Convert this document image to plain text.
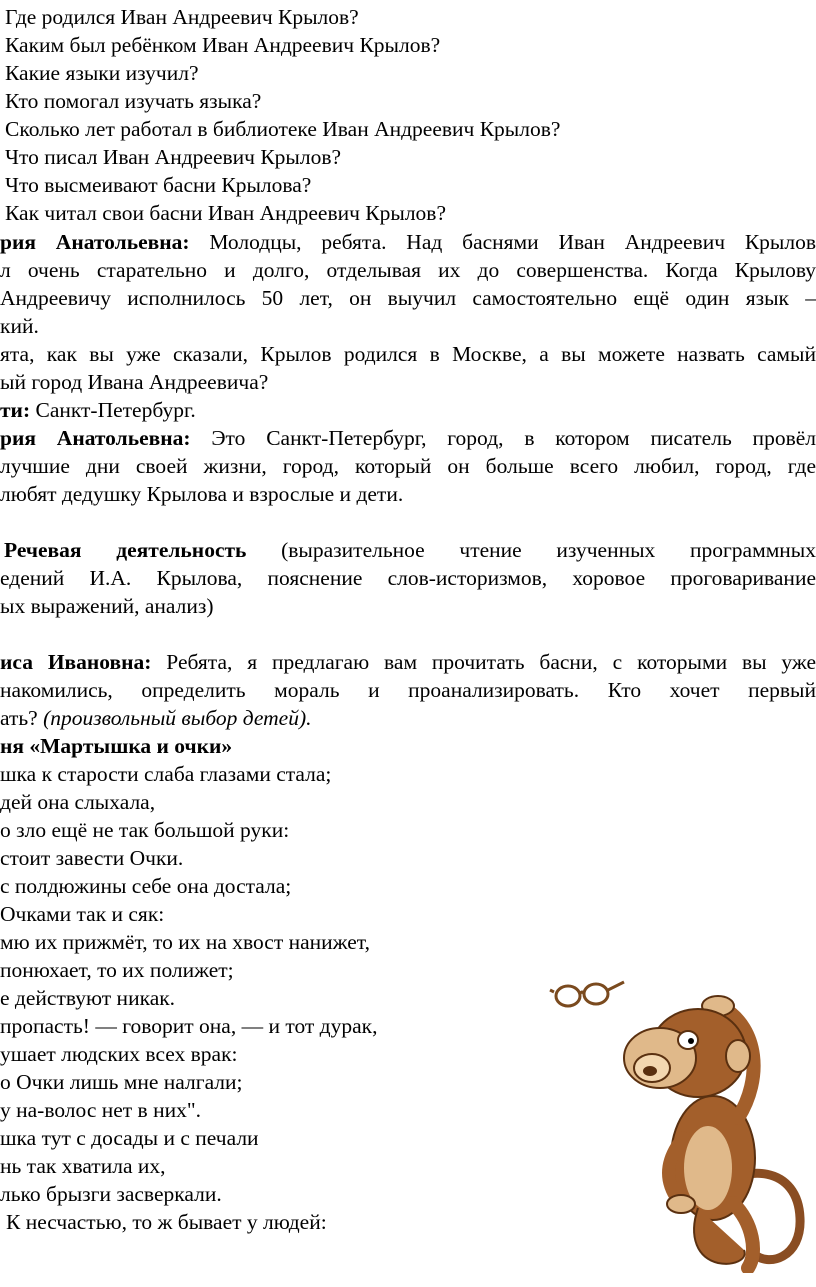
Где родился Иван Андреевич Крылов?
Каким был ребёнком Иван Андреевич Крылов?
Какие языки изучил?
Кто помогал изучать языка?
Сколько лет работал в библиотеке Иван Андреевич Крылов?
Что писал Иван Андреевич Крылов?
Что высмеивают басни Крылова?
Как читал свои басни Иван Андреевич Крылов?
рия Анатольевна: Молодцы, ребята. Над баснями Иван Андреевич Крылов
л очень старательно и долго, отделывая их до совершенства. Когда Крылову
Андреевичу исполнилось 50 лет, он выучил самостоятельно ещё один язык –
кий.
ята, как вы уже сказали, Крылов родился в Москве, а вы можете назвать самый
ый город Ивана Андреевича?
ти: Санкт-Петербург.
рия Анатольевна: Это Санкт-Петербург, город, в котором писатель провёл
лучшие дни своей жизни, город, который он больше всего любил, город, где
любят дедушку Крылова и взрослые и дети.
Речевая деятельность (выразительное чтение изученных программных
едений И.А. Крылова, пояснение слов-историзмов, хоровое проговаривание
ых выражений, анализ)
иса Ивановна: Ребята, я предлагаю вам прочитать басни, с которыми вы уже
накомились, определить мораль и проанализировать. Кто хочет первый
ать? (произвольный выбор детей).
ня «Мартышка и очки»
шка к старости слаба глазами стала;
дей она слыхала,
о зло ещё не так большой руки:
стоит завести Очки.
с полдюжины себе она достала;
Очками так и сяк:
мю их прижмёт, то их на хвост нанижет,
понюхает, то их полижет;
е действуют никак.
пропасть! — говорит она, — и тот дурак,
ушает людских всех врак:
о Очки лишь мне налгали;
у на-волос нет в них".
шка тут с досады и с печали
нь так хватила их,
лько брызги засверкали.
К несчастью, то ж бывает у людей:
